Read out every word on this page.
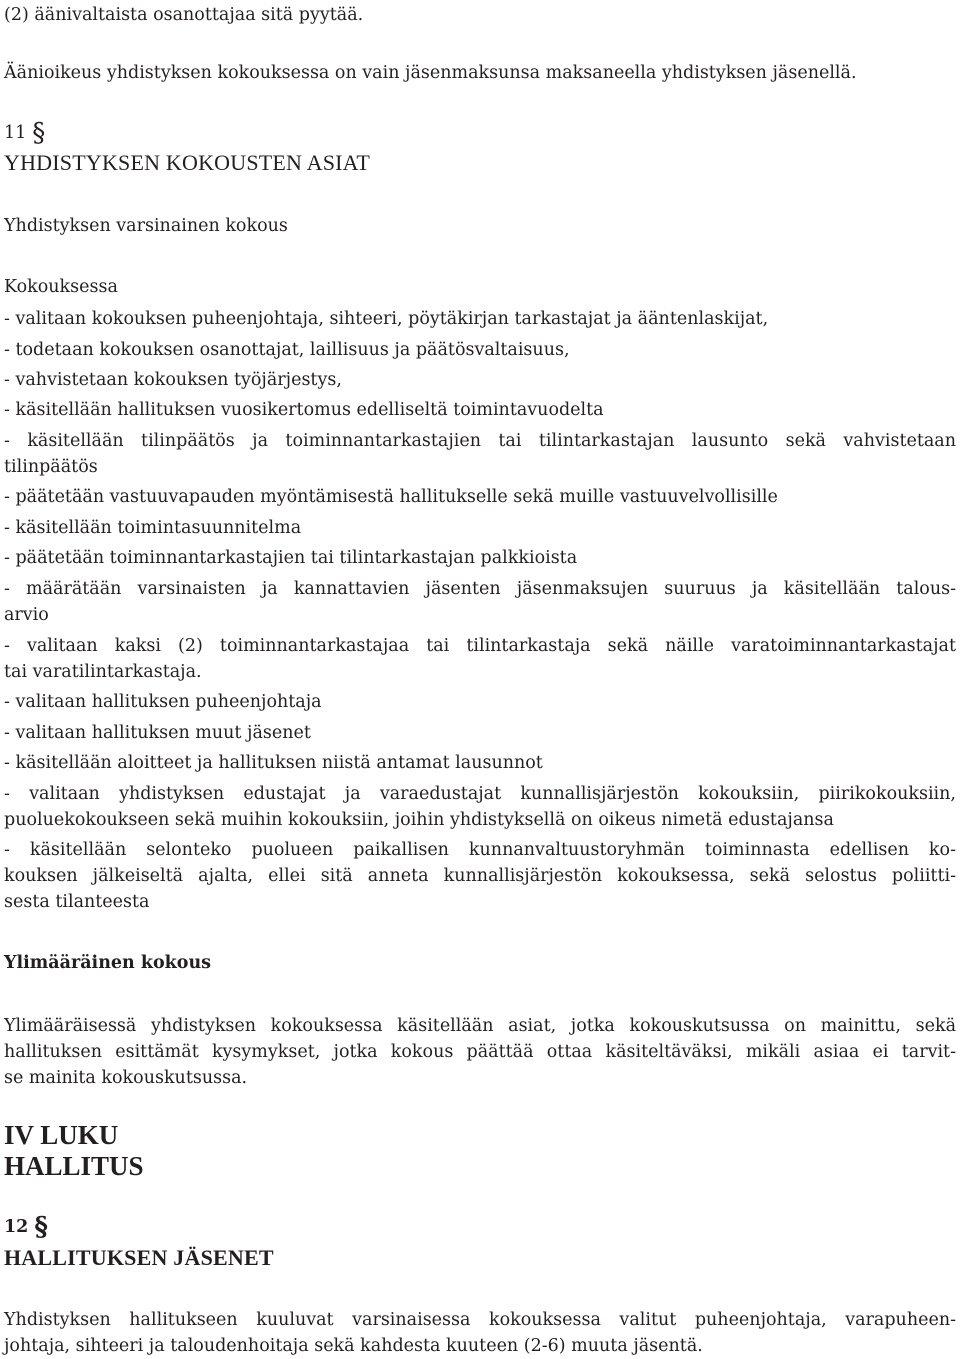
(2) äänivaltaista osanottajaa sitä pyytää.
Äänioikeus yhdistyksen kokouksessa on vain jäsenmaksunsa maksaneella yhdistyksen jäsenellä.
11 §
YHDISTYKSEN KOKOUSTEN ASIAT
Yhdistyksen varsinainen kokous
Kokouksessa
- valitaan kokouksen puheenjohtaja, sihteeri, pöytäkirjan tarkastajat ja ääntenlaskijat,
- todetaan kokouksen osanottajat, laillisuus ja päätösvaltaisuus,
- vahvistetaan kokouksen työjärjestys,
- käsitellään hallituksen vuosikertomus edelliseltä toimintavuodelta
- käsitellään tilinpäätös ja toiminnantarkastajien tai tilintarkastajan lausunto sekä vahvistetaan
tilinpäätös
- päätetään vastuuvapauden myöntämisestä hallitukselle sekä muille vastuuvelvollisille
- käsitellään toimintasuunnitelma
- päätetään toiminnantarkastajien tai tilintarkastajan palkkioista
- määrätään varsinaisten ja kannattavien jäsenten jäsenmaksujen suuruus ja käsitellään talous-
arvio
- valitaan kaksi (2) toiminnantarkastajaa tai tilintarkastaja sekä näille varatoiminnantarkastajat
tai varatilintarkastaja.
- valitaan hallituksen puheenjohtaja
- valitaan hallituksen muut jäsenet
- käsitellään aloitteet ja hallituksen niistä antamat lausunnot
- valitaan yhdistyksen edustajat ja varaedustajat kunnallisjärjestön kokouksiin, piirikokouksiin,
puoluekokoukseen sekä muihin kokouksiin, joihin yhdistyksellä on oikeus nimetä edustajansa
- käsitellään selonteko puolueen paikallisen kunnanvaltuustoryhmän toiminnasta edellisen ko-
kouksen jälkeiseltä ajalta, ellei sitä anneta kunnallisjärjestön kokouksessa, sekä selostus poliitti-
sesta tilanteesta
Ylimääräinen kokous
Ylimääräisessä yhdistyksen kokouksessa käsitellään asiat, jotka kokouskutsussa on mainittu, sekä
hallituksen esittämät kysymykset, jotka kokous päättää ottaa käsiteltäväksi, mikäli asiaa ei tarvit-
se mainita kokouskutsussa.
IV LUKU
HALLITUS
12 §
HALLITUKSEN JÄSENET
Yhdistyksen hallitukseen kuuluvat varsinaisessa kokouksessa valitut puheenjohtaja, varapuheen-
johtaja, sihteeri ja taloudenhoitaja sekä kahdesta kuuteen (2-6) muuta jäsentä.
